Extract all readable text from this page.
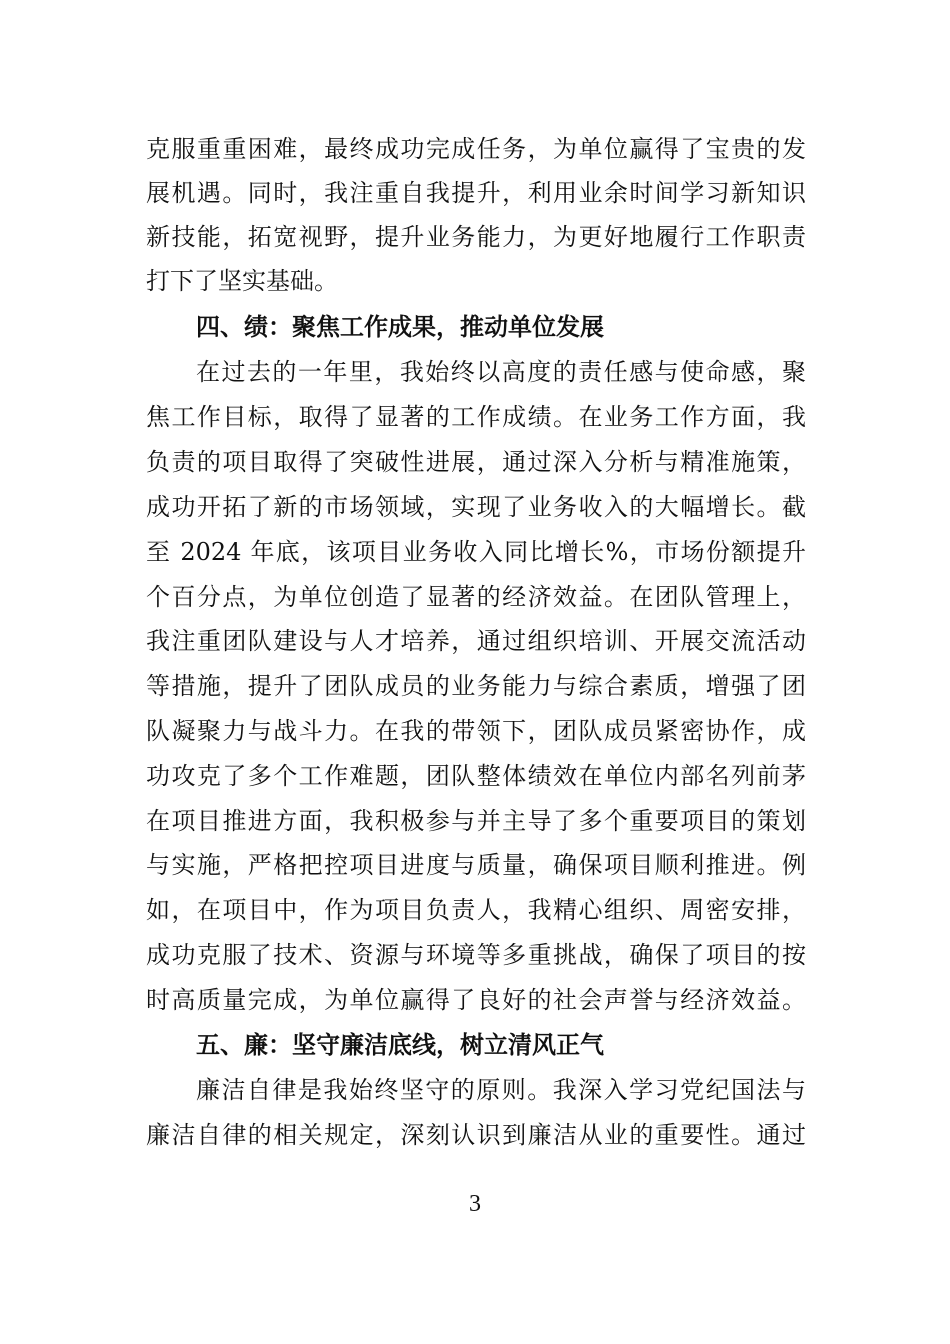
克服重重困难，最终成功完成任务，为单位赢得了宝贵的发
展机遇。同时，我注重自我提升，利用业余时间学习新知识
新技能，拓宽视野，提升业务能力，为更好地履行工作职责
打下了坚实基础。
四、绩：聚焦工作成果，推动单位发展
在过去的一年里，我始终以高度的责任感与使命感，聚
焦工作目标，取得了显著的工作成绩。在业务工作方面，我
负责的项目取得了突破性进展，通过深入分析与精准施策，
成功开拓了新的市场领域，实现了业务收入的大幅增长。截
至 2024 年底，该项目业务收入同比增长%，市场份额提升
个百分点，为单位创造了显著的经济效益。在团队管理上，
我注重团队建设与人才培养，通过组织培训、开展交流活动
等措施，提升了团队成员的业务能力与综合素质，增强了团
队凝聚力与战斗力。在我的带领下，团队成员紧密协作，成
功攻克了多个工作难题，团队整体绩效在单位内部名列前茅
在项目推进方面，我积极参与并主导了多个重要项目的策划
与实施，严格把控项目进度与质量，确保项目顺利推进。例
如，在项目中，作为项目负责人，我精心组织、周密安排，
成功克服了技术、资源与环境等多重挑战，确保了项目的按
时高质量完成，为单位赢得了良好的社会声誉与经济效益。
五、廉：坚守廉洁底线，树立清风正气
廉洁自律是我始终坚守的原则。我深入学习党纪国法与
廉洁自律的相关规定，深刻认识到廉洁从业的重要性。通过
3
